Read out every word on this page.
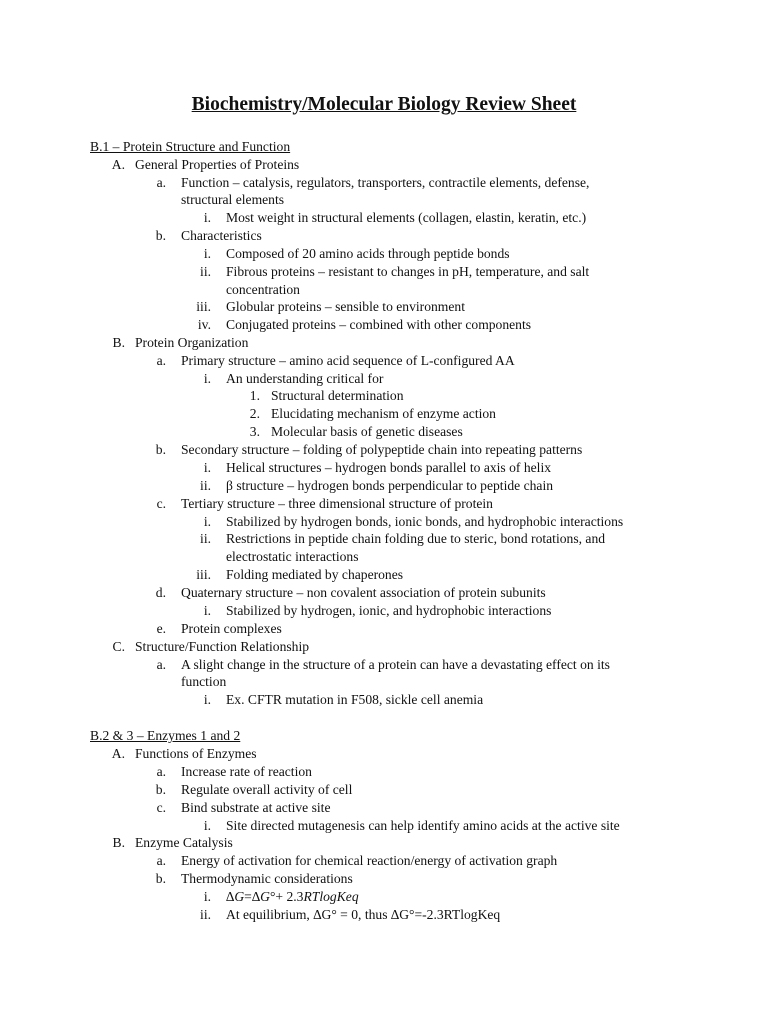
Biochemistry/Molecular Biology Review Sheet
B.1 – Protein Structure and Function
A. General Properties of Proteins
a. Function – catalysis, regulators, transporters, contractile elements, defense,
structural elements
i. Most weight in structural elements (collagen, elastin, keratin, etc.)
b. Characteristics
i. Composed of 20 amino acids through peptide bonds
ii. Fibrous proteins – resistant to changes in pH, temperature, and salt
concentration
iii. Globular proteins – sensible to environment
iv. Conjugated proteins – combined with other components
B. Protein Organization
a. Primary structure – amino acid sequence of L-configured AA
i. An understanding critical for
1. Structural determination
2. Elucidating mechanism of enzyme action
3. Molecular basis of genetic diseases
b. Secondary structure – folding of polypeptide chain into repeating patterns
i. Helical structures – hydrogen bonds parallel to axis of helix
ii. β structure – hydrogen bonds perpendicular to peptide chain
c. Tertiary structure – three dimensional structure of protein
i. Stabilized by hydrogen bonds, ionic bonds, and hydrophobic interactions
ii. Restrictions in peptide chain folding due to steric, bond rotations, and
electrostatic interactions
iii. Folding mediated by chaperones
d. Quaternary structure – non covalent association of protein subunits
i. Stabilized by hydrogen, ionic, and hydrophobic interactions
e. Protein complexes
C. Structure/Function Relationship
a. A slight change in the structure of a protein can have a devastating effect on its
function
i. Ex. CFTR mutation in F508, sickle cell anemia
B.2 & 3 – Enzymes 1 and 2
A. Functions of Enzymes
a. Increase rate of reaction
b. Regulate overall activity of cell
c. Bind substrate at active site
i. Site directed mutagenesis can help identify amino acids at the active site
B. Enzyme Catalysis
a. Energy of activation for chemical reaction/energy of activation graph
b. Thermodynamic considerations
i. ∆G=∆G°+ 2.3RTlogKeq
ii. At equilibrium, ∆G° = 0, thus ∆G°=-2.3RTlogKeq
